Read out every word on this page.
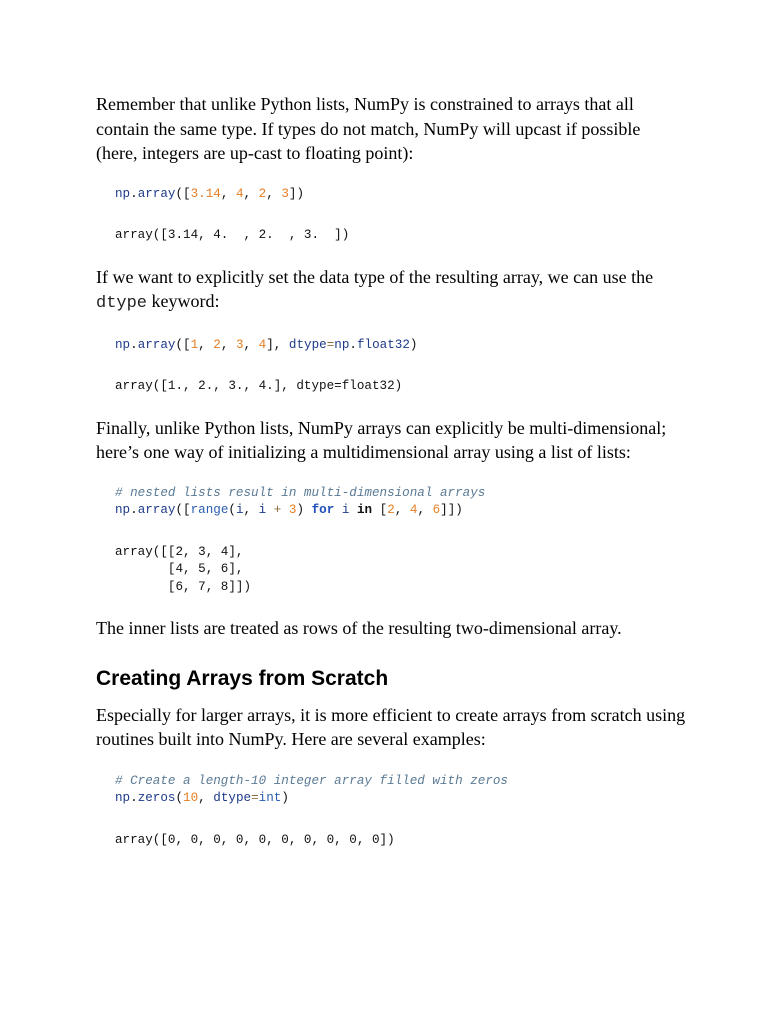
Remember that unlike Python lists, NumPy is constrained to arrays that all contain the same type. If types do not match, NumPy will upcast if possible (here, integers are up-cast to floating point):

np.array([3.14, 4, 2, 3])
array([3.14, 4.  , 2.  , 3.  ])

If we want to explicitly set the data type of the resulting array, we can use the dtype keyword:

np.array([1, 2, 3, 4], dtype=np.float32)
array([1., 2., 3., 4.], dtype=float32)

Finally, unlike Python lists, NumPy arrays can explicitly be multi-dimensional; here’s one way of initializing a multidimensional array using a list of lists:

# nested lists result in multi-dimensional arrays
np.array([range(i, i + 3) for i in [2, 4, 6]])
array([[2, 3, 4],
[4, 5, 6],
[6, 7, 8]])

The inner lists are treated as rows of the resulting two-dimensional array.

Creating Arrays from Scratch

Especially for larger arrays, it is more efficient to create arrays from scratch using routines built into NumPy. Here are several examples:

# Create a length-10 integer array filled with zeros
np.zeros(10, dtype=int)
array([0, 0, 0, 0, 0, 0, 0, 0, 0, 0])
